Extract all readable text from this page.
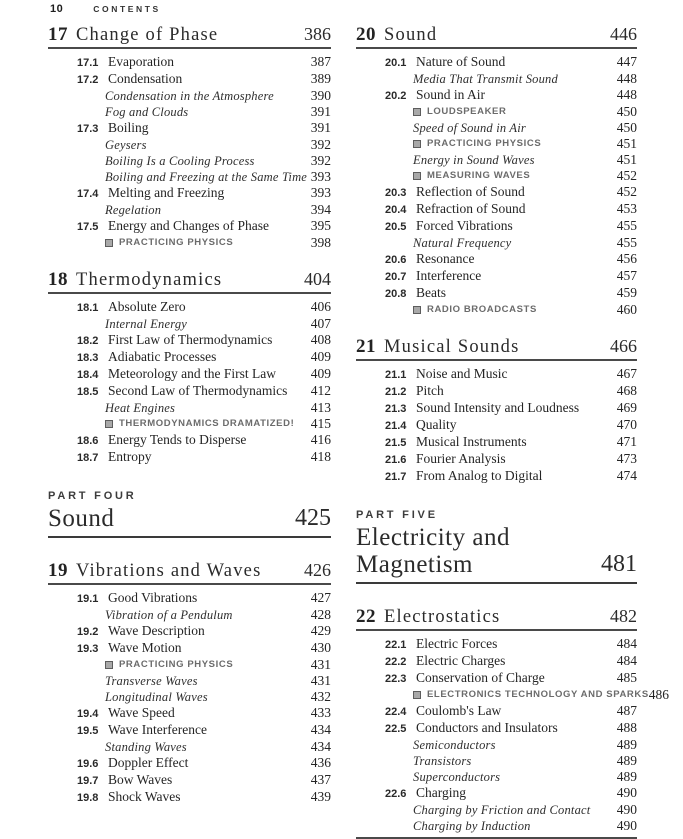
10	CONTENTS
17 Change of Phase	386
17.1 Evaporation	387
17.2 Condensation	389
Condensation in the Atmosphere	390
Fog and Clouds	391
17.3 Boiling	391
Geysers	392
Boiling Is a Cooling Process	392
Boiling and Freezing at the Same Time 393
17.4 Melting and Freezing	393
Regelation	394
17.5 Energy and Changes of Phase	395
PRACTICING PHYSICS	398
18 Thermodynamics	404
18.1 Absolute Zero	406
Internal Energy	407
18.2 First Law of Thermodynamics	408
18.3 Adiabatic Processes	409
18.4 Meteorology and the First Law	409
18.5 Second Law of Thermodynamics	412
Heat Engines	413
THERMODYNAMICS DRAMATIZED! 415
18.6 Energy Tends to Disperse	416
18.7 Entropy	418
PART FOUR
Sound	425
19 Vibrations and Waves	426
19.1 Good Vibrations	427
Vibration of a Pendulum	428
19.2 Wave Description	429
19.3 Wave Motion	430
PRACTICING PHYSICS	431
Transverse Waves	431
Longitudinal Waves	432
19.4 Wave Speed	433
19.5 Wave Interference	434
Standing Waves	434
19.6 Doppler Effect	436
19.7 Bow Waves	437
19.8 Shock Waves	439
20 Sound	446
20.1 Nature of Sound	447
Media That Transmit Sound	448
20.2 Sound in Air	448
LOUDSPEAKER	450
Speed of Sound in Air	450
PRACTICING PHYSICS	451
Energy in Sound Waves	451
MEASURING WAVES	452
20.3 Reflection of Sound	452
20.4 Refraction of Sound	453
20.5 Forced Vibrations	455
Natural Frequency	455
20.6 Resonance	456
20.7 Interference	457
20.8 Beats	459
RADIO BROADCASTS	460
21 Musical Sounds	466
21.1 Noise and Music	467
21.2 Pitch	468
21.3 Sound Intensity and Loudness	469
21.4 Quality	470
21.5 Musical Instruments	471
21.6 Fourier Analysis	473
21.7 From Analog to Digital	474
PART FIVE
Electricity and Magnetism	481
22 Electrostatics	482
22.1 Electric Forces	484
22.2 Electric Charges	484
22.3 Conservation of Charge	485
ELECTRONICS TECHNOLOGY AND SPARKS 486
22.4 Coulomb's Law	487
22.5 Conductors and Insulators	488
Semiconductors	489
Transistors	489
Superconductors	489
22.6 Charging	490
Charging by Friction and Contact	490
Charging by Induction	490
